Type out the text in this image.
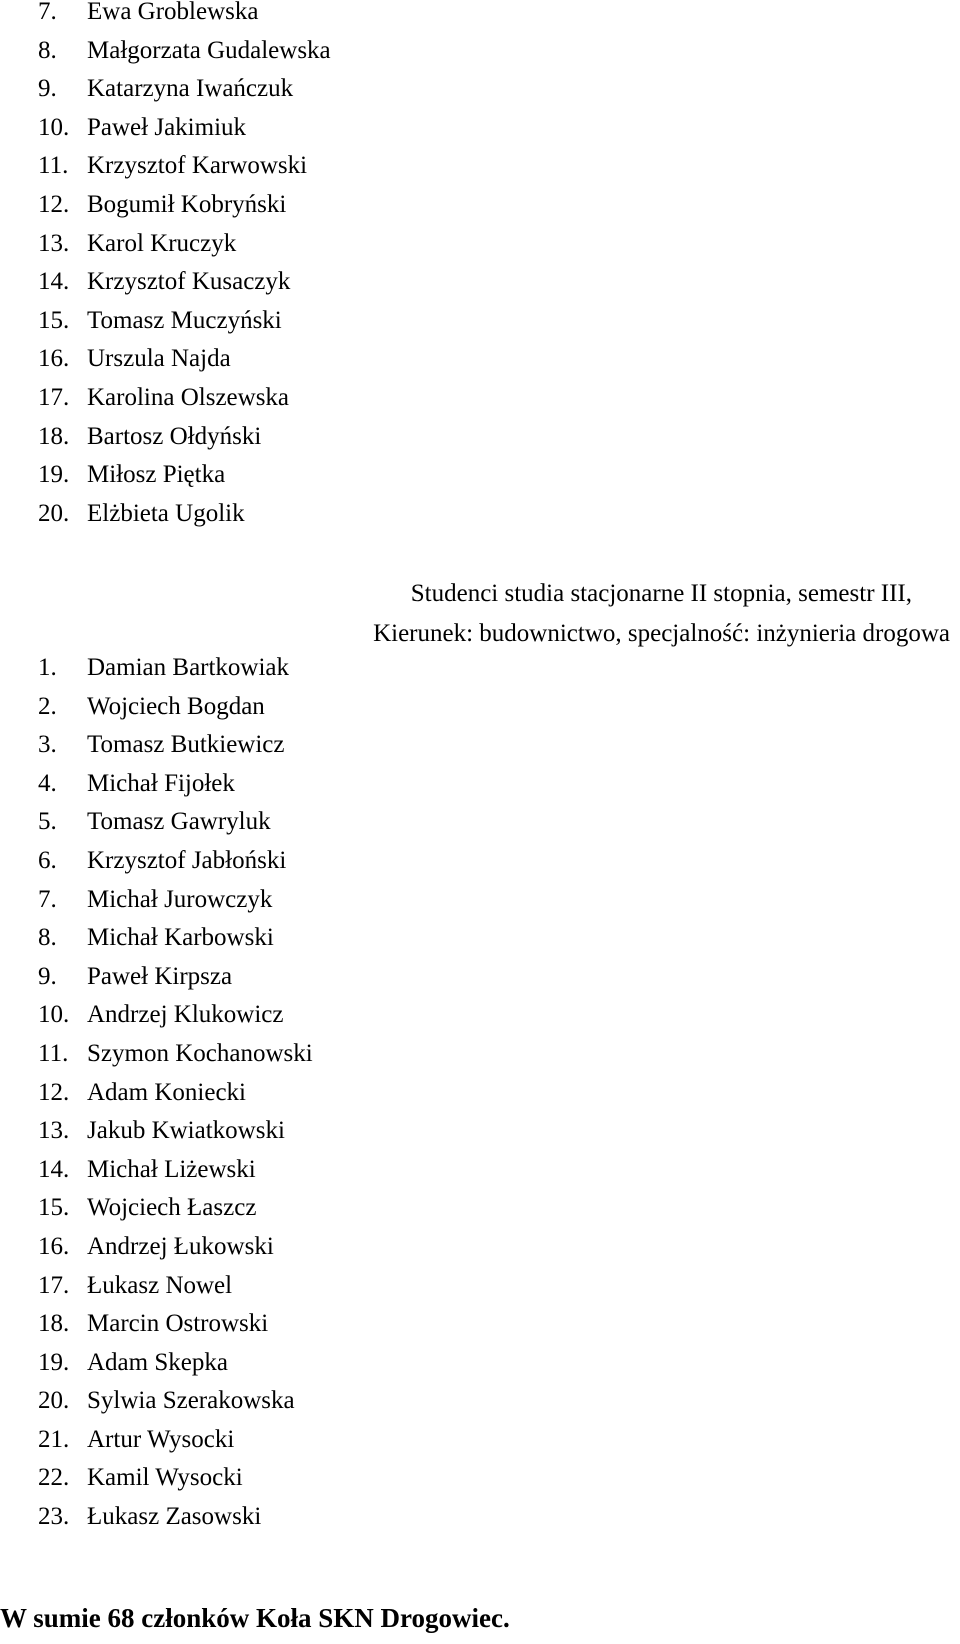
7. Ewa Groblewska
8. Małgorzata Gudalewska
9. Katarzyna Iwańczuk
10. Paweł Jakimiuk
11. Krzysztof Karwowski
12. Bogumił Kobryński
13. Karol Kruczyk
14. Krzysztof Kusaczyk
15. Tomasz Muczyński
16. Urszula Najda
17. Karolina Olszewska
18. Bartosz Ołdyński
19. Miłosz Piętka
20. Elżbieta Ugolik
Studenci studia stacjonarne II stopnia, semestr III,
Kierunek: budownictwo, specjalność: inżynieria drogowa
1. Damian Bartkowiak
2. Wojciech Bogdan
3. Tomasz Butkiewicz
4. Michał Fijołek
5. Tomasz Gawryluk
6. Krzysztof Jabłoński
7. Michał Jurowczyk
8. Michał Karbowski
9. Paweł Kirpsza
10. Andrzej Klukowicz
11. Szymon Kochanowski
12. Adam Koniecki
13. Jakub Kwiatkowski
14. Michał Liżewski
15. Wojciech Łaszcz
16. Andrzej Łukowski
17. Łukasz Nowel
18. Marcin Ostrowski
19. Adam Skepka
20. Sylwia Szerakowska
21. Artur Wysocki
22. Kamil Wysocki
23. Łukasz Zasowski
W sumie 68 członków Koła SKN Drogowiec.
